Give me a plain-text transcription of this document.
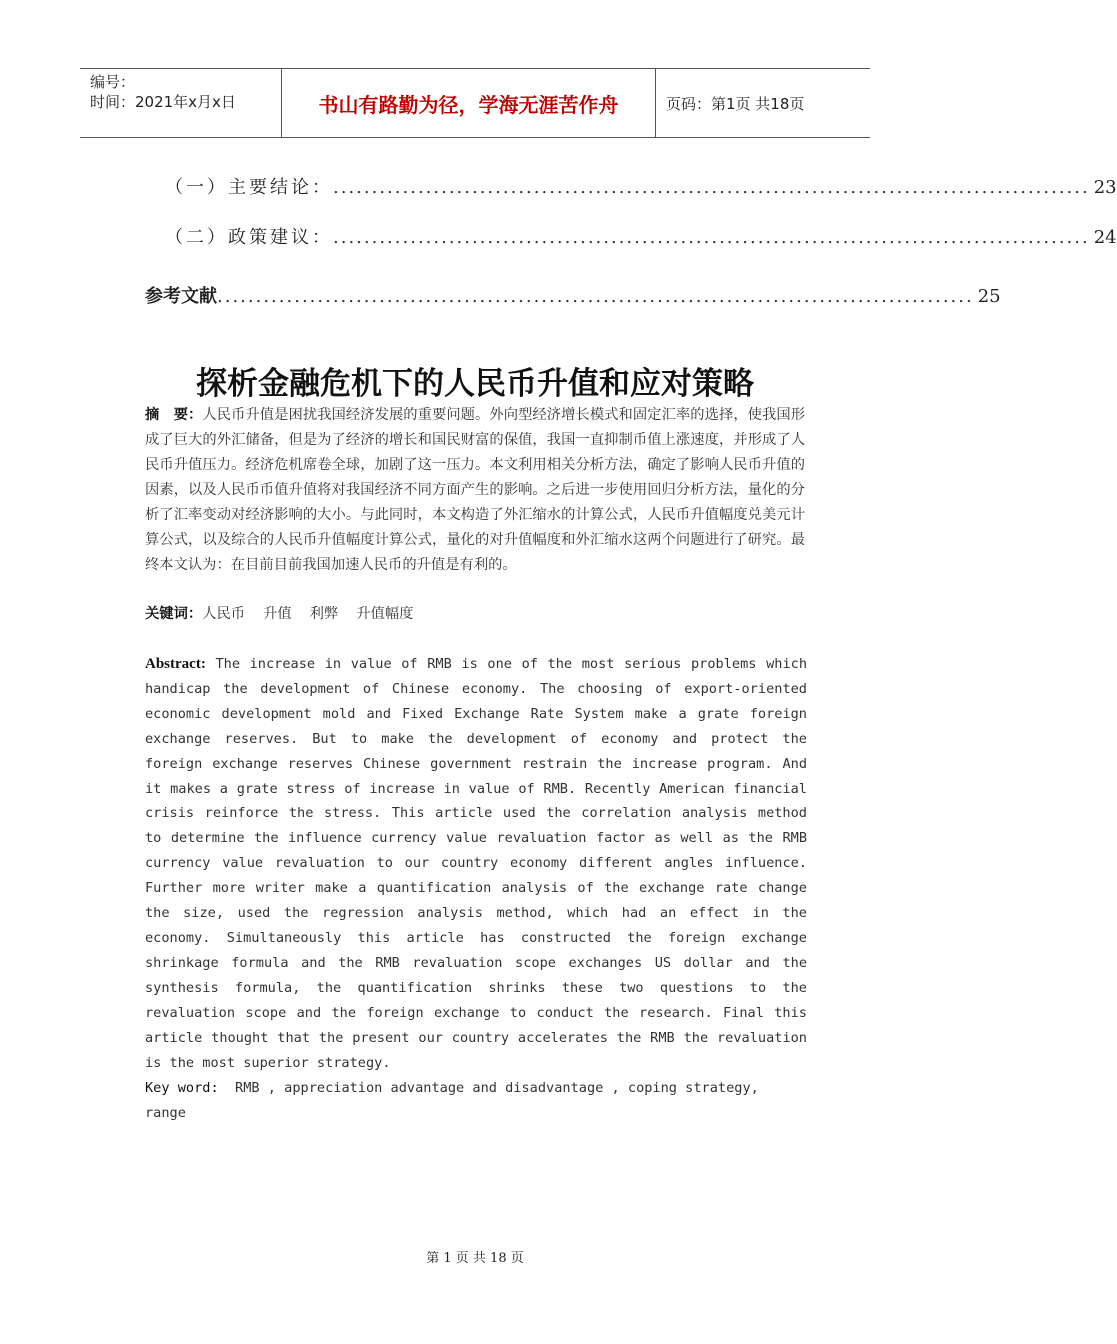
编号：
时间：2021年x月x日	书山有路勤为径，学海无涯苦作舟	页码：第1页 共18页
（一）主要结论： .................................................................................................. 23
（二）政策建议： .................................................................................................. 24
参考文献 .................................................................................................. 25
探析金融危机下的人民币升值和应对策略
摘　要：人民币升值是困扰我国经济发展的重要问题。外向型经济增长模式和固定汇率的选择，使我国形成了巨大的外汇储备，但是为了经济的增长和国民财富的保值，我国一直抑制币值上涨速度，并形成了人民币升值压力。经济危机席卷全球，加剧了这一压力。本文利用相关分析方法，确定了影响人民币升值的因素，以及人民币币值升值将对我国经济不同方面产生的影响。之后进一步使用回归分析方法，量化的分析了汇率变动对经济影响的大小。与此同时，本文构造了外汇缩水的计算公式，人民币升值幅度兑美元计算公式，以及综合的人民币升值幅度计算公式，量化的对升值幅度和外汇缩水这两个问题进行了研究。最终本文认为：在目前目前我国加速人民币的升值是有利的。
关键词：人民币 升值 利弊 升值幅度
Abstract: The increase in value of RMB is one of the most serious problems which handicap the development of Chinese economy. The choosing of export-oriented economic development mold and Fixed Exchange Rate System make a grate foreign exchange reserves. But to make the development of economy and protect the foreign exchange reserves Chinese government restrain the increase program. And it makes a grate stress of increase in value of RMB. Recently American financial crisis reinforce the stress. This article used the correlation analysis method to determine the influence currency value revaluation factor as well as the RMB currency value revaluation to our country economy different angles influence. Further more writer make a quantification analysis of the exchange rate change the size, used the regression analysis method, which had an effect in the economy. Simultaneously this article has constructed the foreign exchange shrinkage formula and the RMB revaluation scope exchanges US dollar and the synthesis formula, the quantification shrinks these two questions to the revaluation scope and the foreign exchange to conduct the research. Final this article thought that the present our country accelerates the RMB the revaluation is the most superior strategy.
Key word: RMB , appreciation advantage and disadvantage , coping strategy, range
第 1 页 共 18 页
